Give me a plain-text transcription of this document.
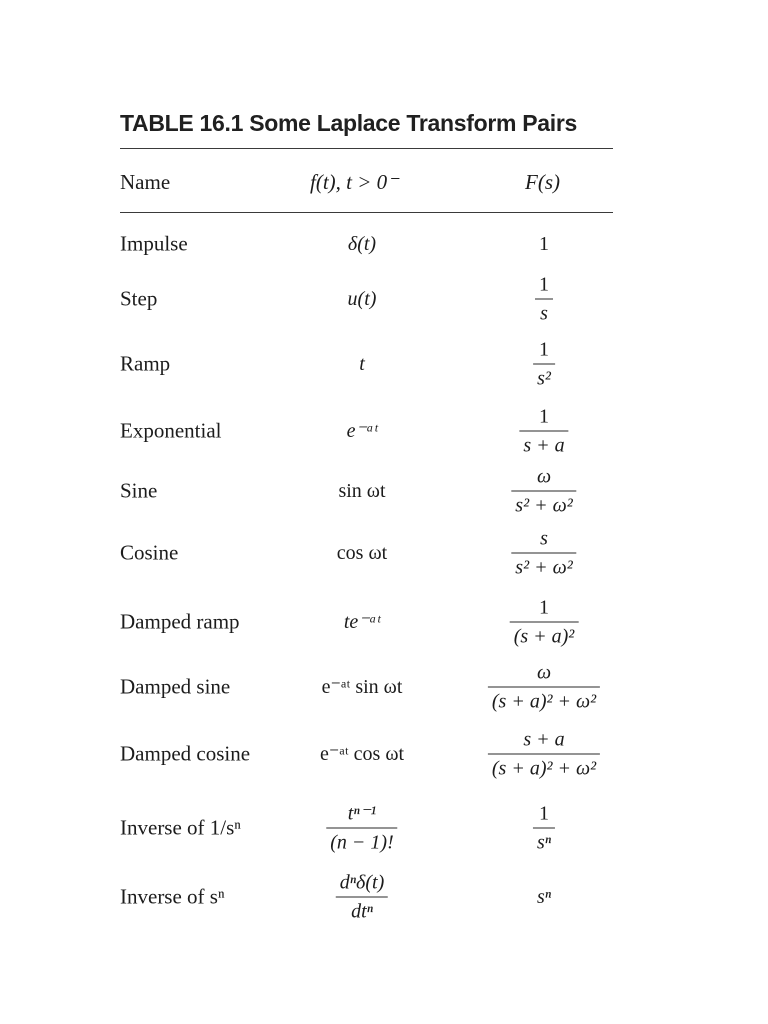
TABLE 16.1 Some Laplace Transform Pairs
Name	f(t), t > 0⁻	F(s)
Impulse	δ(t)	1
Step	u(t)	$\frac{1}{s}$
Ramp	t	$\frac{1}{\text{s²}}$
Exponential	e⁻ᵃᵗ	$\frac{1}{s + a}$
Sine	sin ωt	$\frac{\omega}{\text{s² + ω²}}$
Cosine	cos ωt	$\frac{s}{\text{s² + ω²}}$
Damped ramp	te⁻ᵃᵗ	$\frac{1}{\text{(s + a)²}}$
Damped sine	e⁻ᵃᵗ sin ωt	$\frac{\omega}{\text{(s + a)² + ω²}}$
Damped cosine	e⁻ᵃᵗ cos ωt	$\frac{s + a}{\text{(s + a)² + ω²}}$
Inverse of 1/sⁿ	$\frac{\text{tⁿ⁻¹}}{(n - 1)!}$	$\frac{1}{\text{sⁿ}}$
Inverse of sⁿ	$\frac{\text{dⁿδ(t)}}{\text{dtⁿ}}$	sⁿ
